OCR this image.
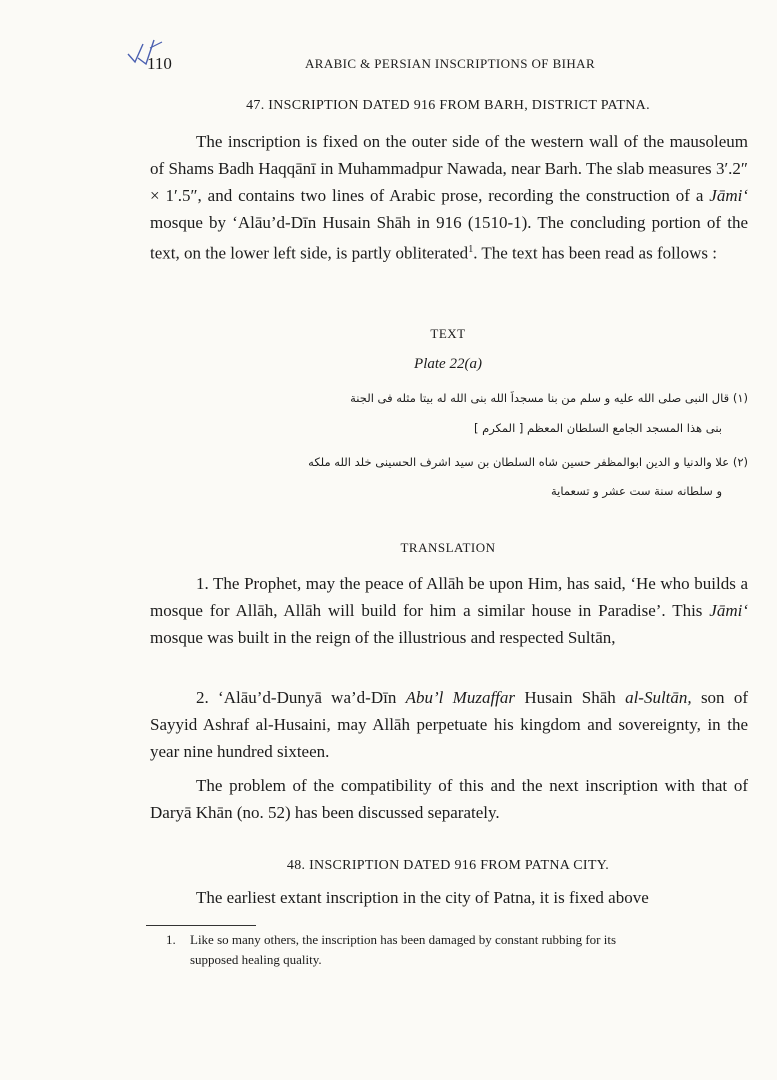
110	ARABIC & PERSIAN INSCRIPTIONS OF BIHAR
47. INSCRIPTION DATED 916 FROM BARH, DISTRICT PATNA.
The inscription is fixed on the outer side of the western wall of the mausoleum of Shams Badh Haqqānī in Muhammadpur Nawada, near Barh. The slab measures 3′.2″ × 1′.5″, and contains two lines of Arabic prose, recording the construction of a Jāmi‘ mosque by ‘Alāu’d-Dīn Husain Shāh in 916 (1510-1). The concluding portion of the text, on the lower left side, is partly obliterated$^1$. The text has been read as follows :
TEXT
Plate 22(a)
(۱) قال النبی صلی الله علیه و سلم من بنا مسجداً الله بنی الله له بیتا مثله فی الجنة
بنی هذا المسجد الجامع السلطان المعظم [ المکرم ]
(۲) علا والدنیا و الدین ابوالمظفر حسین شاه السلطان بن سید اشرف الحسینی خلد الله ملکه
و سلطانه سنة ست عشر و تسعمایة
TRANSLATION
1. The Prophet, may the peace of Allāh be upon Him, has said, ‘He who builds a mosque for Allāh, Allāh will build for him a similar house in Paradise’. This Jāmi‘ mosque was built in the reign of the illustrious and respected Sultān,
2. ‘Alāu’d-Dunyā wa’d-Dīn Abu’l Muzaffar Husain Shāh al-Sultān, son of Sayyid Ashraf al-Husaini, may Allāh perpetuate his kingdom and sovereignty, in the year nine hundred sixteen.
The problem of the compatibility of this and the next inscription with that of Daryā Khān (no. 52) has been discussed separately.
48. INSCRIPTION DATED 916 FROM PATNA CITY.
The earliest extant inscription in the city of Patna, it is fixed above
1. Like so many others, the inscription has been damaged by constant rubbing for its
supposed healing quality.
